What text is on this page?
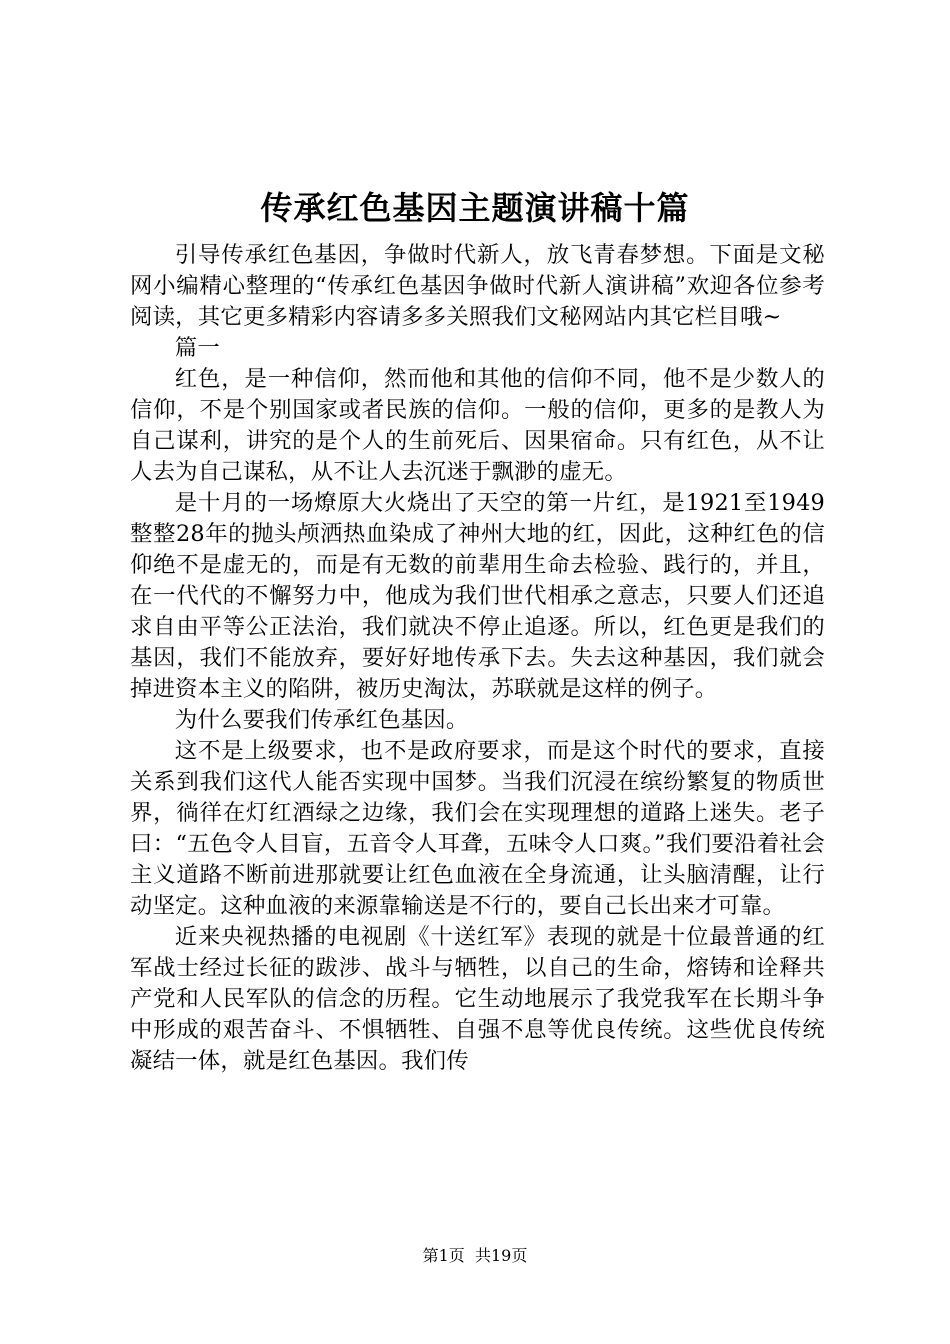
传承红色基因主题演讲稿十篇

引导传承红色基因，争做时代新人，放飞青春梦想。下面是文秘网小编精心整理的“传承红色基因争做时代新人演讲稿”欢迎各位参考阅读，其它更多精彩内容请多多关照我们文秘网站内其它栏目哦~

篇一

红色，是一种信仰，然而他和其他的信仰不同，他不是少数人的信仰，不是个别国家或者民族的信仰。一般的信仰，更多的是教人为自己谋利，讲究的是个人的生前死后、因果宿命。只有红色，从不让人去为自己谋私，从不让人去沉迷于飘渺的虚无。

是十月的一场燎原大火烧出了天空的第一片红，是1921至1949整整28年的抛头颅洒热血染成了神州大地的红，因此，这种红色的信仰绝不是虚无的，而是有无数的前辈用生命去检验、践行的，并且，在一代代的不懈努力中，他成为我们世代相承之意志，只要人们还追求自由平等公正法治，我们就决不停止追逐。所以，红色更是我们的基因，我们不能放弃，要好好地传承下去。失去这种基因，我们就会掉进资本主义的陷阱，被历史淘汰，苏联就是这样的例子。

为什么要我们传承红色基因。

这不是上级要求，也不是政府要求，而是这个时代的要求，直接关系到我们这代人能否实现中国梦。当我们沉浸在缤纷繁复的物质世界，徜徉在灯红酒绿之边缘，我们会在实现理想的道路上迷失。老子曰：“五色令人目盲，五音令人耳聋，五味令人口爽。”我们要沿着社会主义道路不断前进那就要让红色血液在全身流通，让头脑清醒，让行动坚定。这种血液的来源靠输送是不行的，要自己长出来才可靠。

近来央视热播的电视剧《十送红军》表现的就是十位最普通的红军战士经过长征的跋涉、战斗与牺牲，以自己的生命，熔铸和诠释共产党和人民军队的信念的历程。它生动地展示了我党我军在长期斗争中形成的艰苦奋斗、不惧牺牲、自强不息等优良传统。这些优良传统凝结一体，就是红色基因。我们传

第1页 共19页
